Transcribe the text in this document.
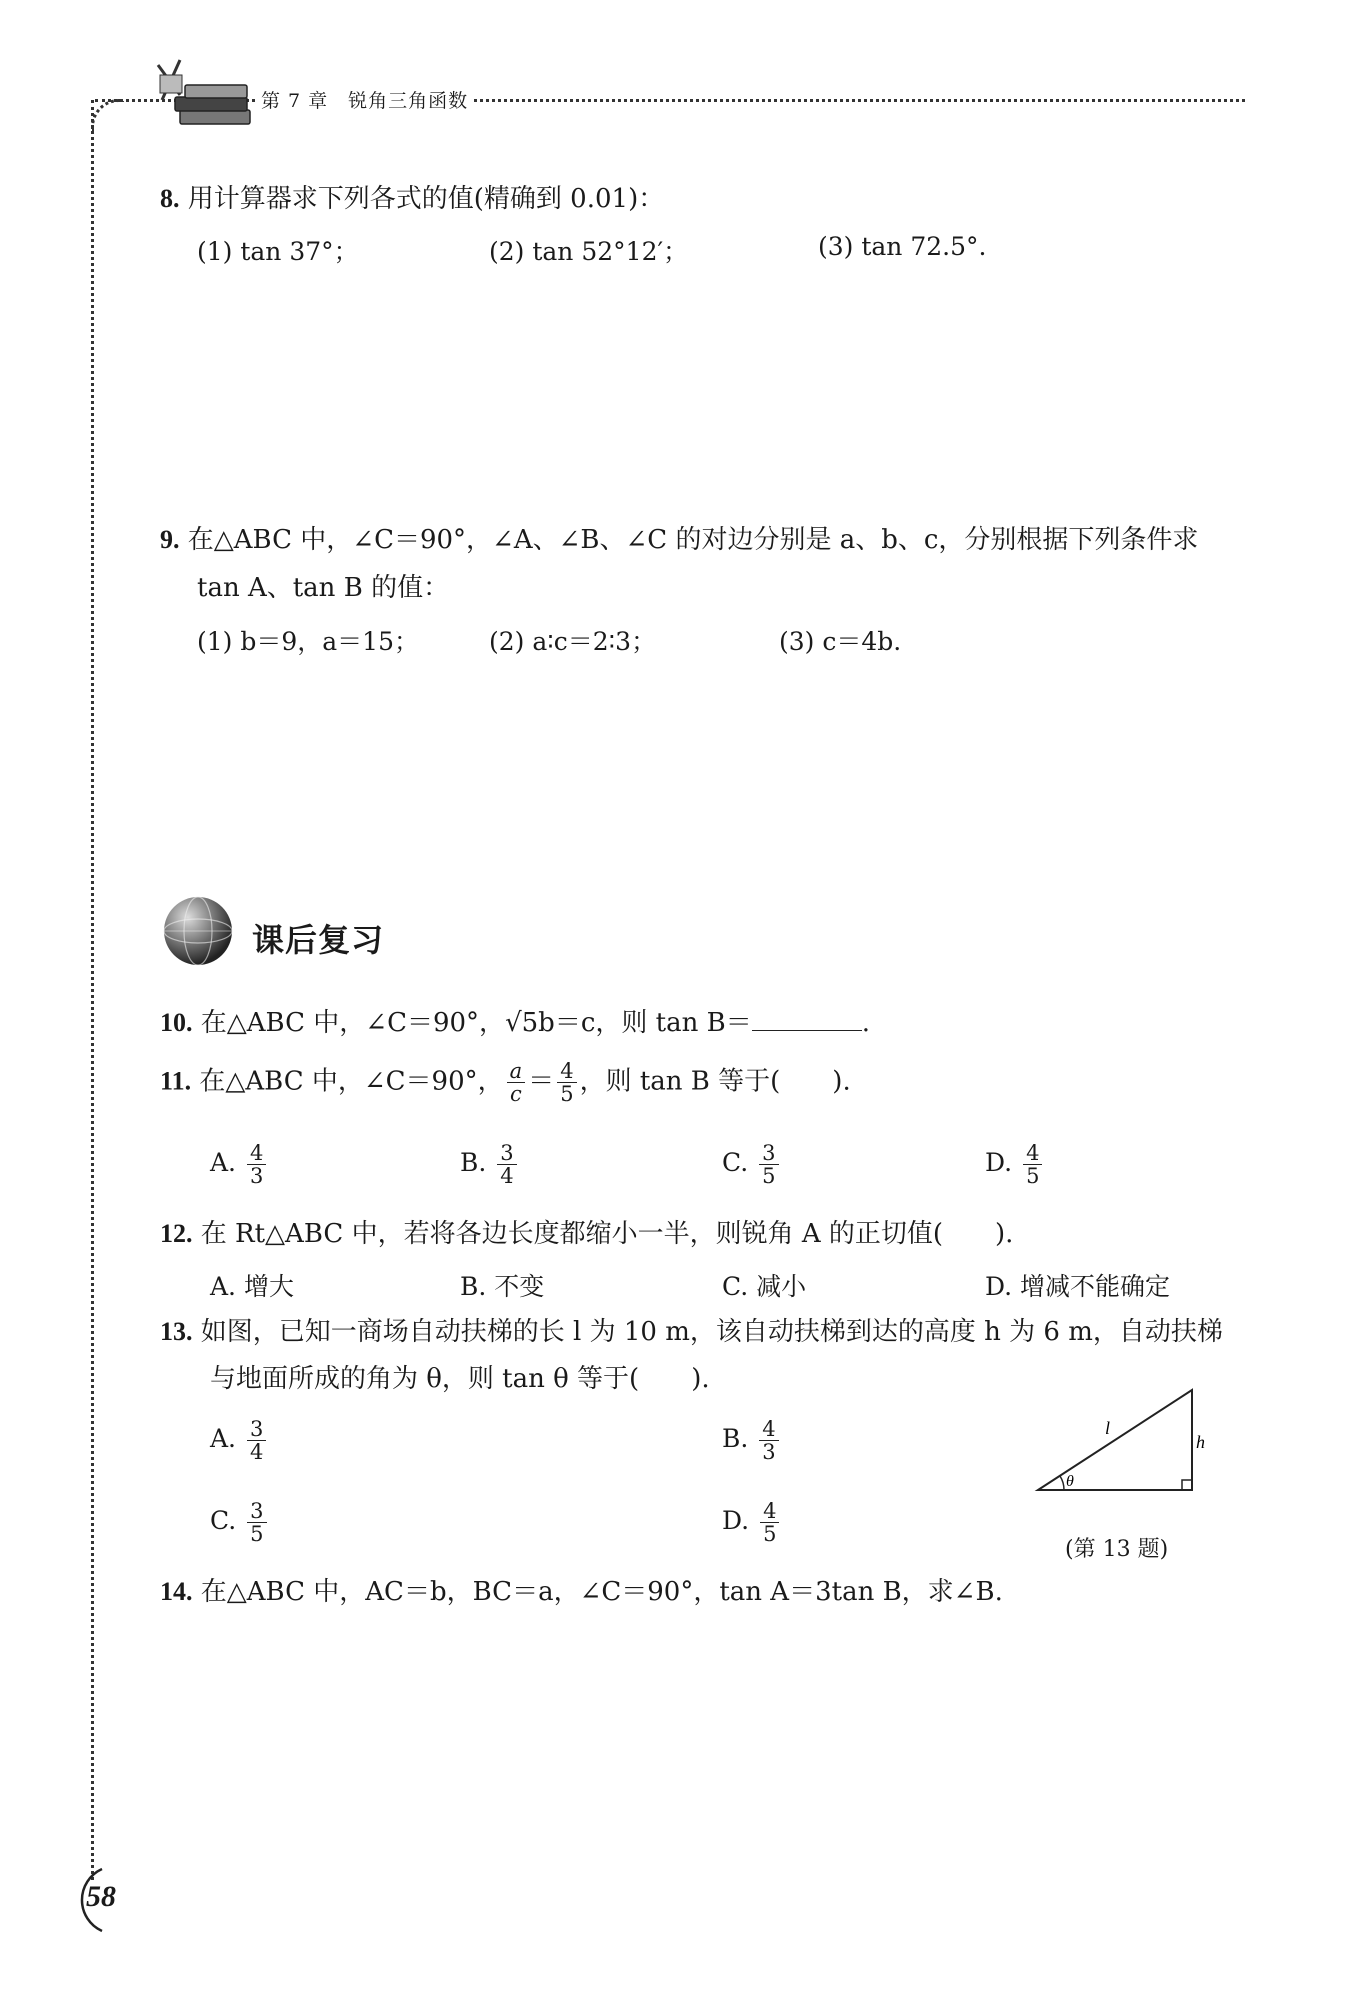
第 7 章　锐角三角函数
8. 用计算器求下列各式的值(精确到 0.01)：
(1) tan 37°；	(2) tan 52°12′；	(3) tan 72.5°.
9. 在△ABC 中，∠C＝90°，∠A、∠B、∠C 的对边分别是 a、b、c，分别根据下列条件求
tan A、tan B 的值：
(1) b＝9，a＝15；	(2) a∶c＝2∶3；	(3) c＝4b.
课后复习
10. 在△ABC 中，∠C＝90°，√5b＝c，则 tan B＝	.
11. 在△ABC 中，∠C＝90°， $\frac{a}{c} = \frac{4}{5}$ ，则 tan B 等于(　　).
A. $\frac{4}{3}$	B. $\frac{3}{4}$	C. $\frac{3}{5}$	D. $\frac{4}{5}$
12. 在 Rt△ABC 中，若将各边长度都缩小一半，则锐角 A 的正切值(　　).
A. 增大	B. 不变	C. 减小	D. 增减不能确定
13. 如图，已知一商场自动扶梯的长 l 为 10 m，该自动扶梯到达的高度 h 为 6 m，自动扶梯
与地面所成的角为 θ，则 tan θ 等于(　　).
A. $\frac{3}{4}$	B. $\frac{4}{3}$
C. $\frac{3}{5}$	D. $\frac{4}{5}$
l
h
θ
(第 13 题)
14. 在△ABC 中，AC＝b，BC＝a，∠C＝90°，tan A＝3tan B，求∠B.
58
